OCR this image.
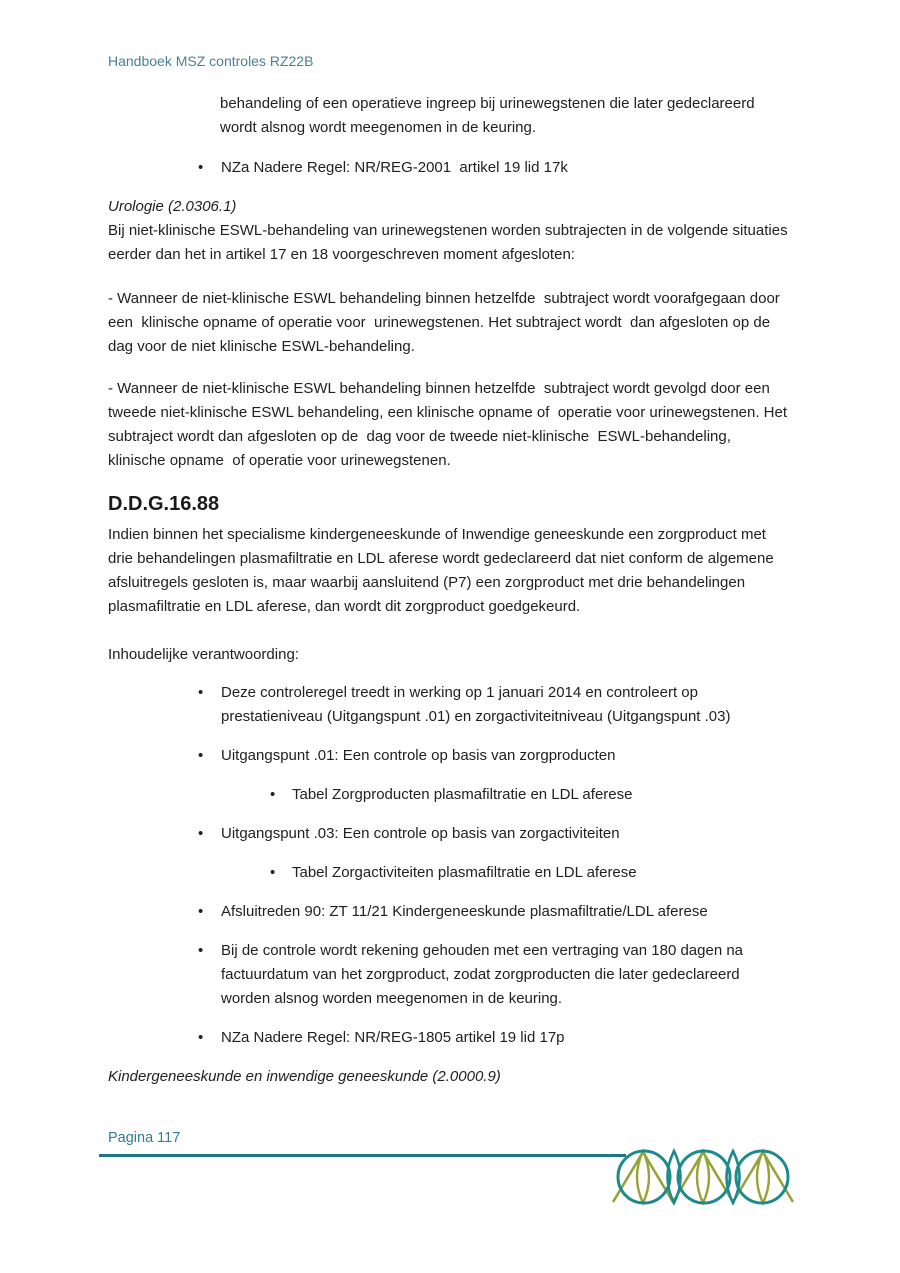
Handboek MSZ controles RZ22B

behandeling of een operatieve ingreep bij urinewegstenen die later gedeclareerd wordt alsnog wordt meegenomen in de keuring.

• NZa Nadere Regel: NR/REG-2001  artikel 19 lid 17k

Urologie (2.0306.1)

Bij niet-klinische ESWL-behandeling van urinewegstenen worden subtrajecten in de volgende situaties eerder dan het in artikel 17 en 18 voorgeschreven moment afgesloten:

- Wanneer de niet-klinische ESWL behandeling binnen hetzelfde  subtraject wordt voorafgegaan door een  klinische opname of operatie voor  urinewegstenen. Het subtraject wordt  dan afgesloten op de dag voor de niet klinische ESWL-behandeling.

- Wanneer de niet-klinische ESWL behandeling binnen hetzelfde  subtraject wordt gevolgd door een tweede niet-klinische ESWL behandeling, een klinische opname of  operatie voor urinewegstenen. Het  subtraject wordt dan afgesloten op de  dag voor de tweede niet-klinische  ESWL-behandeling, klinische opname  of operatie voor urinewegstenen.

D.D.G.16.88

Indien binnen het specialisme kindergeneeskunde of Inwendige geneeskunde een zorgproduct met drie behandelingen plasmafiltratie en LDL aferese wordt gedeclareerd dat niet conform de algemene afsluitregels gesloten is, maar waarbij aansluitend (P7) een zorgproduct met drie behandelingen plasmafiltratie en LDL aferese, dan wordt dit zorgproduct goedgekeurd.

Inhoudelijke verantwoording:

• Deze controleregel treedt in werking op 1 januari 2014 en controleert op prestatieniveau (Uitgangspunt .01) en zorgactiviteitniveau (Uitgangspunt .03)
• Uitgangspunt .01: Een controle op basis van zorgproducten
• Tabel Zorgproducten plasmafiltratie en LDL aferese
• Uitgangspunt .03: Een controle op basis van zorgactiviteiten
• Tabel Zorgactiviteiten plasmafiltratie en LDL aferese
• Afsluitreden 90: ZT 11/21 Kindergeneeskunde plasmafiltratie/LDL aferese
• Bij de controle wordt rekening gehouden met een vertraging van 180 dagen na factuurdatum van het zorgproduct, zodat zorgproducten die later gedeclareerd worden alsnog worden meegenomen in de keuring.
• NZa Nadere Regel: NR/REG-1805 artikel 19 lid 17p

Kindergeneeskunde en inwendige geneeskunde (2.0000.9)

Pagina 117
